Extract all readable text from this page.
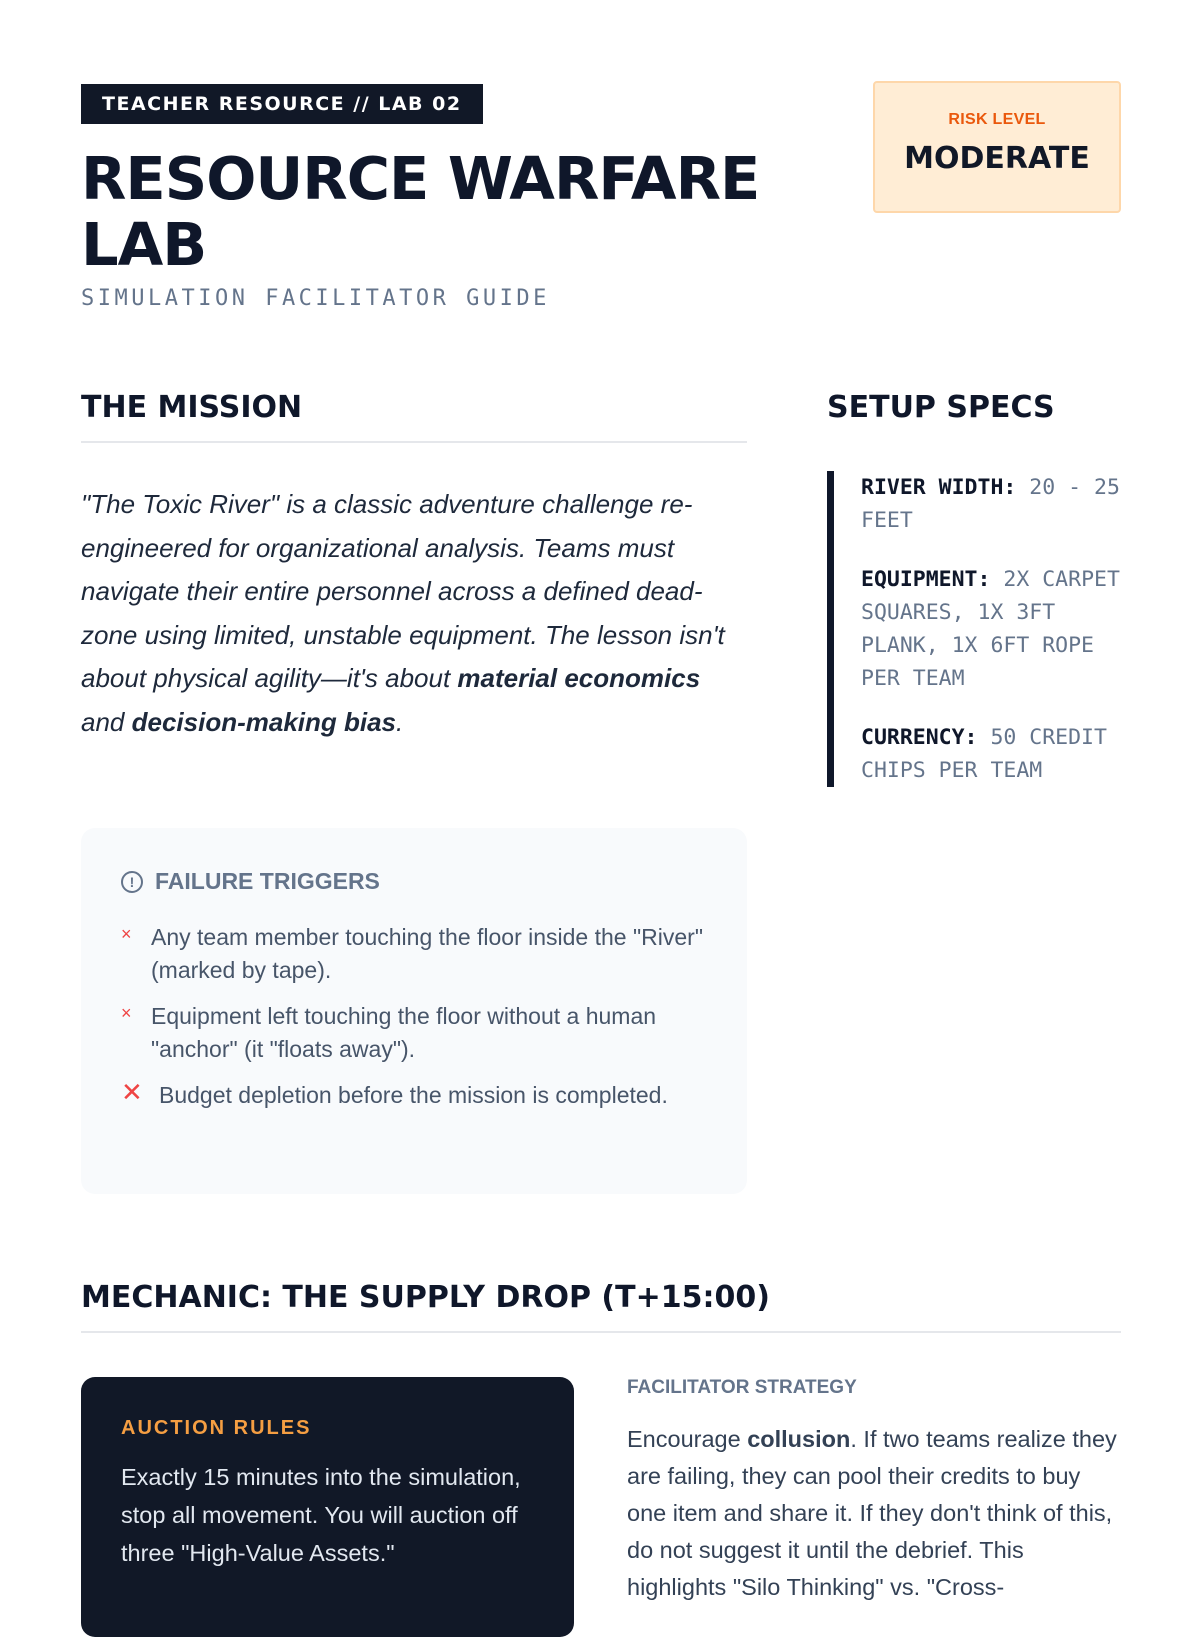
TEACHER RESOURCE // LAB 02
RESOURCE WARFARE LAB
SIMULATION FACILITATOR GUIDE
RISK LEVEL
MODERATE
THE MISSION

"The Toxic River" is a classic adventure challenge re-engineered for organizational analysis. Teams must navigate their entire personnel across a defined dead-zone using limited, unstable equipment. The lesson isn't about physical agility—it's about material economics and decision-making bias.

! FAILURE TRIGGERS
× Any team member touching the floor inside the "River" (marked by tape).
× Equipment left touching the floor without a human "anchor" (it "floats away").
✕ Budget depletion before the mission is completed.
SETUP SPECS
RIVER WIDTH: 20 - 25 FEET
EQUIPMENT: 2X CARPET SQUARES, 1X 3FT PLANK, 1X 6FT ROPE PER TEAM
CURRENCY: 50 CREDIT CHIPS PER TEAM
MECHANIC: THE SUPPLY DROP (T+15:00)
AUCTION RULES
Exactly 15 minutes into the simulation, stop all movement. You will auction off three "High-Value Assets."
FACILITATOR STRATEGY
Encourage collusion. If two teams realize they are failing, they can pool their credits to buy one item and share it. If they don't think of this, do not suggest it until the debrief. This highlights "Silo Thinking" vs. "Cross-
